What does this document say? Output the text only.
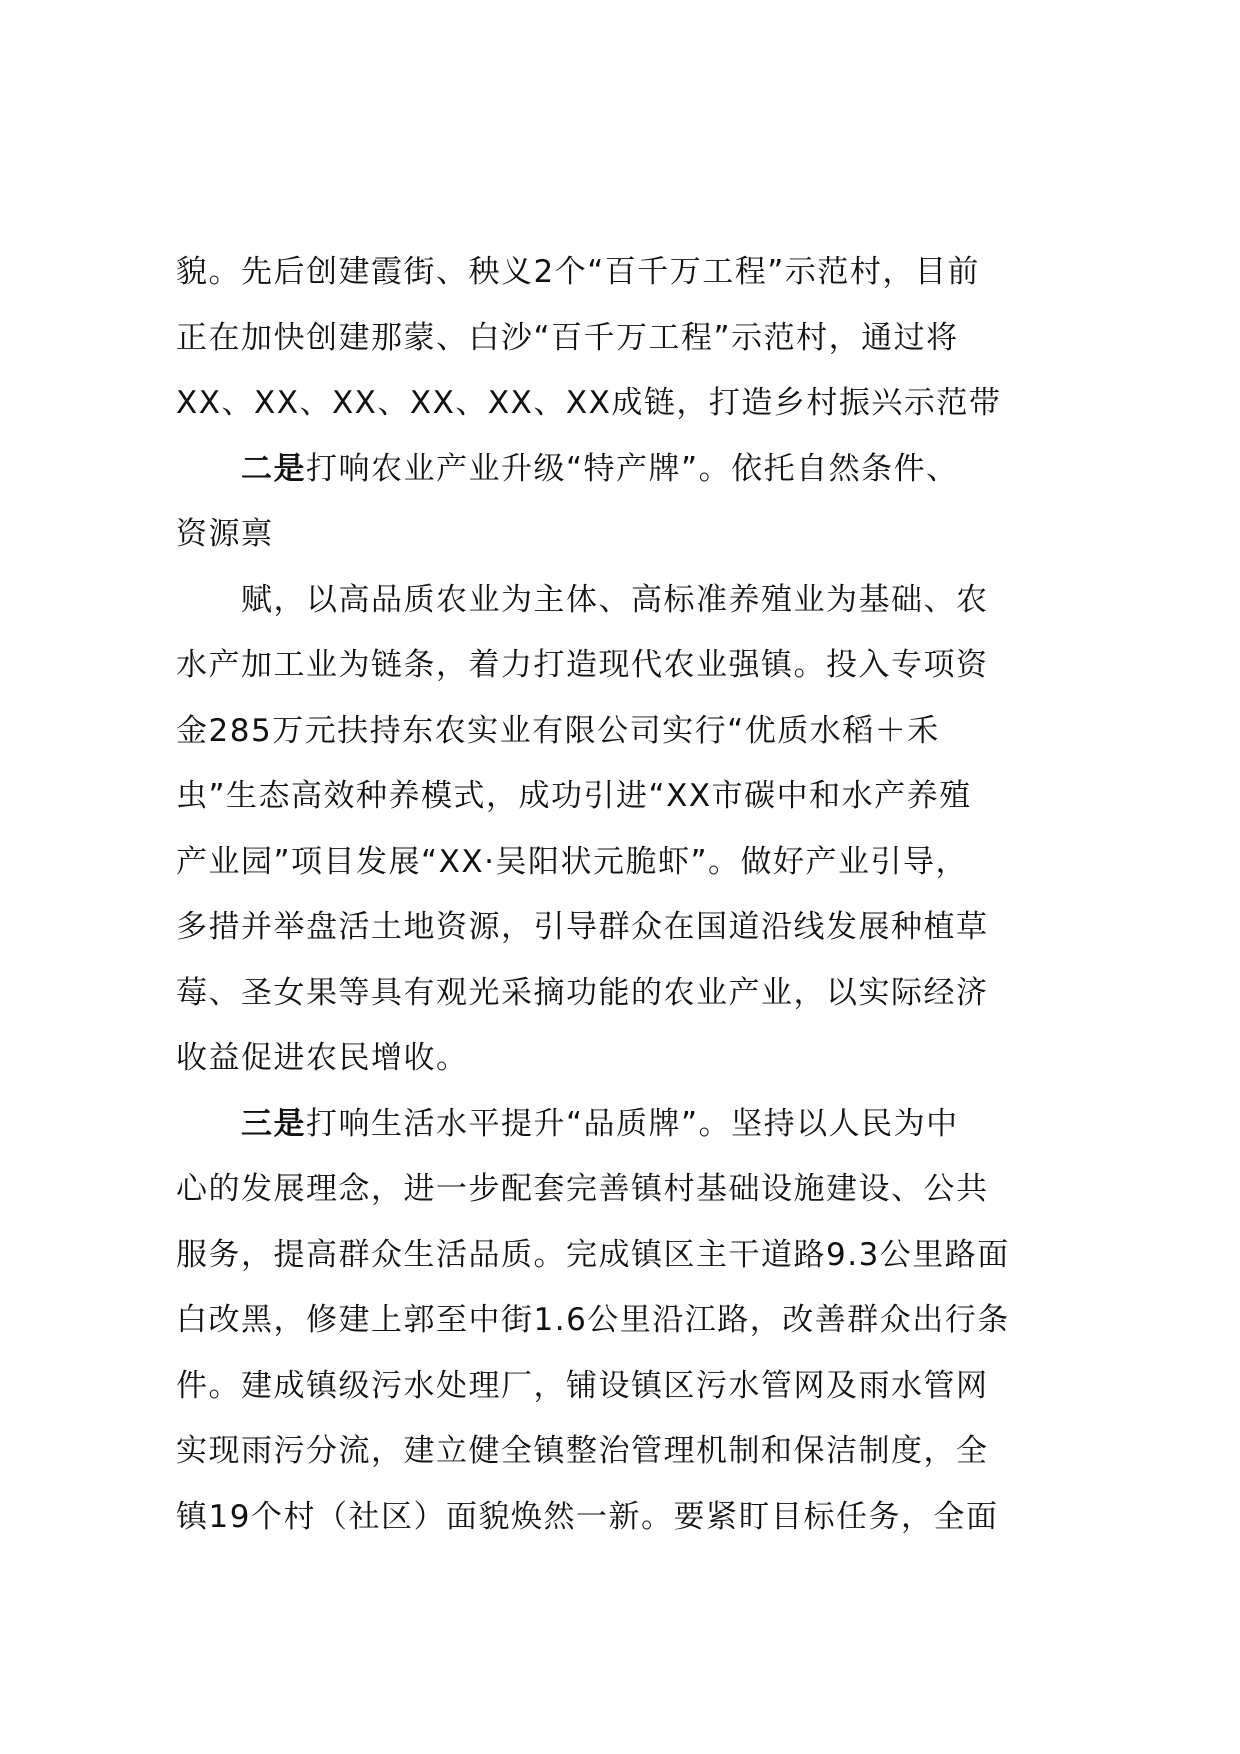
貌。先后创建霞街、秧义2个“百千万工程”示范村，目前
正在加快创建那蒙、白沙“百千万工程”示范村，通过将
XX、XX、XX、XX、XX、XX成链，打造乡村振兴示范带
二是打响农业产业升级“特产牌”。依托自然条件、
资源禀
赋，以高品质农业为主体、高标准养殖业为基础、农
水产加工业为链条，着力打造现代农业强镇。投入专项资
金285万元扶持东农实业有限公司实行“优质水稻＋禾
虫”生态高效种养模式，成功引进“XX市碳中和水产养殖
产业园”项目发展“XX·吴阳状元脆虾”。做好产业引导，
多措并举盘活土地资源，引导群众在国道沿线发展种植草
莓、圣女果等具有观光采摘功能的农业产业，以实际经济
收益促进农民增收。
三是打响生活水平提升“品质牌”。坚持以人民为中
心的发展理念，进一步配套完善镇村基础设施建设、公共
服务，提高群众生活品质。完成镇区主干道路9.3公里路面
白改黑，修建上郭至中街1.6公里沿江路，改善群众出行条
件。建成镇级污水处理厂，铺设镇区污水管网及雨水管网
实现雨污分流，建立健全镇整治管理机制和保洁制度，全
镇19个村（社区）面貌焕然一新。要紧盯目标任务，全面
